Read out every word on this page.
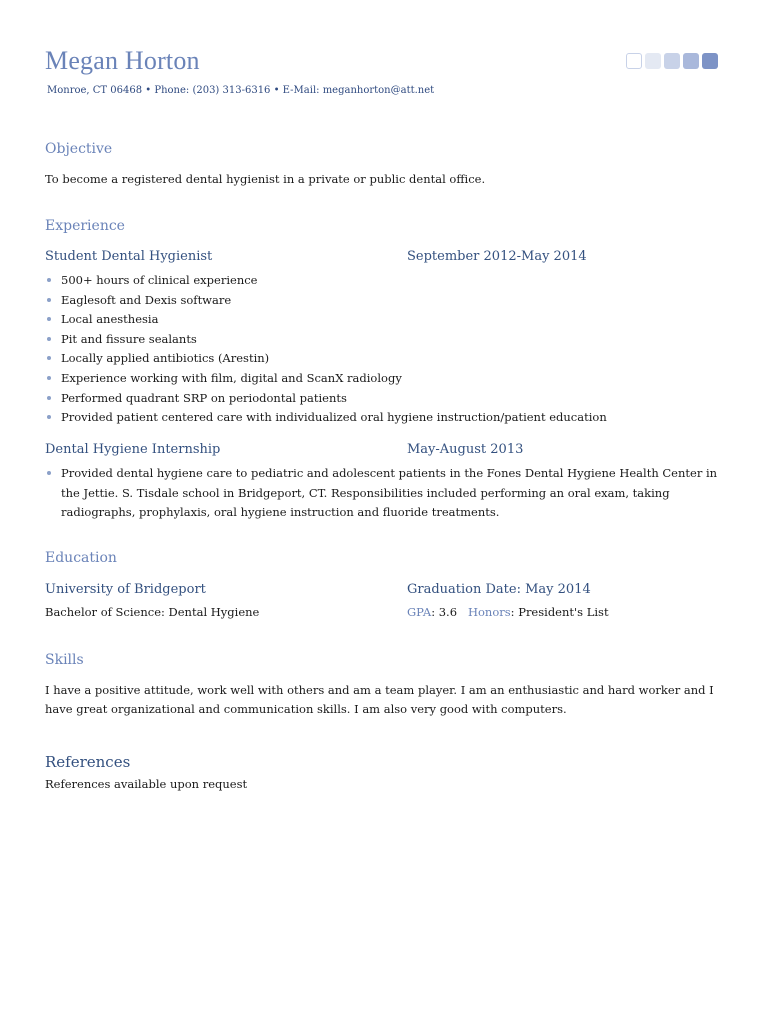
Megan Horton
Monroe, CT 06468 • Phone: (203) 313-6316 • E-Mail: meganhorton@att.net
Objective
To become a registered dental hygienist in a private or public dental office.
Experience
Student Dental Hygienist	September 2012-May 2014
500+ hours of clinical experience
Eaglesoft and Dexis software
Local anesthesia
Pit and fissure sealants
Locally applied antibiotics (Arestin)
Experience working with film, digital and ScanX radiology
Performed quadrant SRP on periodontal patients
Provided patient centered care with individualized oral hygiene instruction/patient education
Dental Hygiene Internship	May-August 2013
Provided dental hygiene care to pediatric and adolescent patients in the Fones Dental Hygiene Health Center in the Jettie. S. Tisdale school in Bridgeport, CT. Responsibilities included performing an oral exam, taking radiographs, prophylaxis, oral hygiene instruction and fluoride treatments.
Education
University of Bridgeport	Graduation Date: May 2014
Bachelor of Science: Dental Hygiene	GPA: 3.6 Honors: President's List
Skills
I have a positive attitude, work well with others and am a team player. I am an enthusiastic and hard worker and I have great organizational and communication skills. I am also very good with computers.
References
References available upon request
